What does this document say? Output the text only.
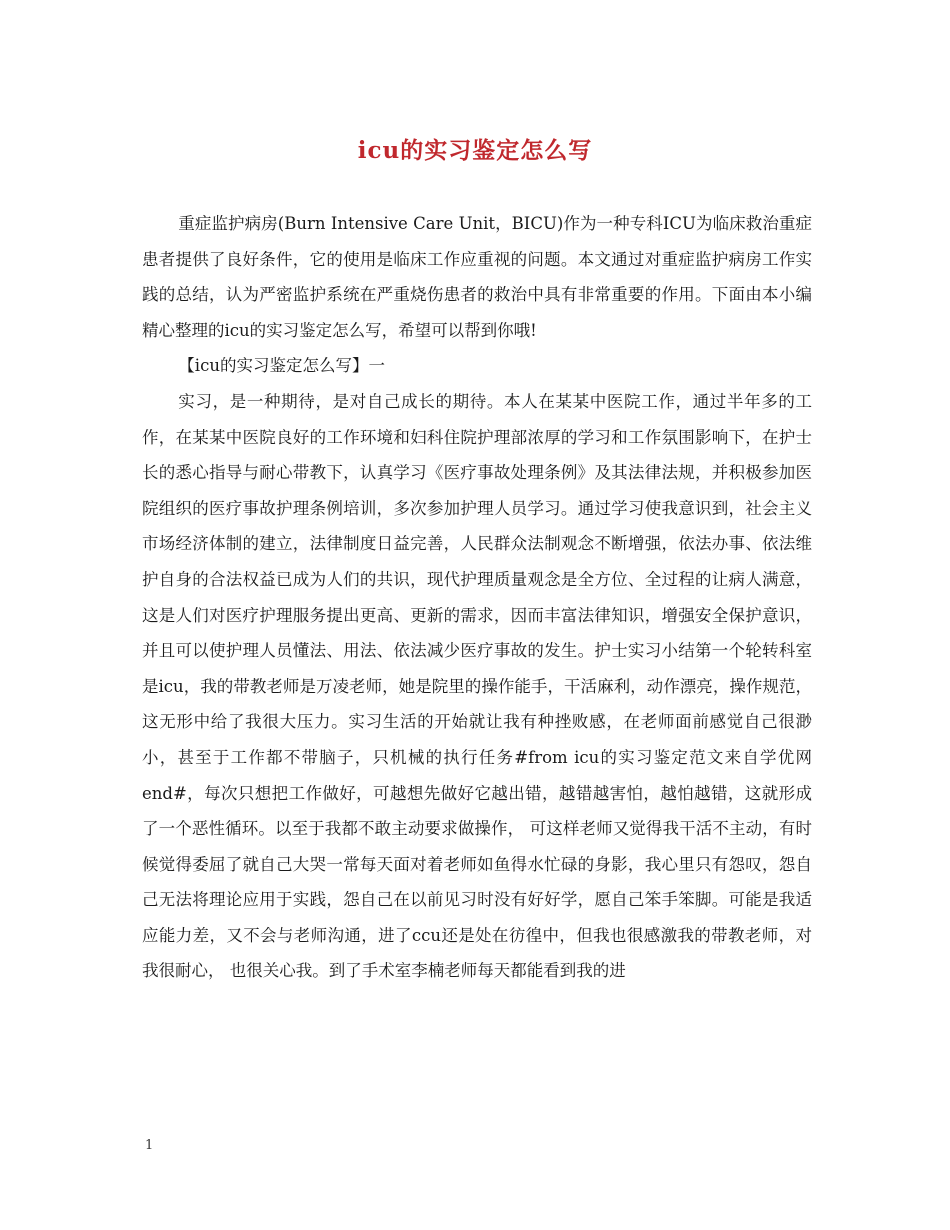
icu的实习鉴定怎么写

重症监护病房(Burn Intensive Care Unit，BICU)作为一种专科ICU为临床救治重症患者提供了良好条件，它的使用是临床工作应重视的问题。本文通过对重症监护病房工作实践的总结，认为严密监护系统在严重烧伤患者的救治中具有非常重要的作用。下面由本小编精心整理的icu的实习鉴定怎么写，希望可以帮到你哦!

【icu的实习鉴定怎么写】一

实习，是一种期待，是对自己成长的期待。本人在某某中医院工作，通过半年多的工作，在某某中医院良好的工作环境和妇科住院护理部浓厚的学习和工作氛围影响下，在护士长的悉心指导与耐心带教下，认真学习《医疗事故处理条例》及其法律法规，并积极参加医院组织的医疗事故护理条例培训，多次参加护理人员学习。通过学习使我意识到，社会主义市场经济体制的建立，法律制度日益完善，人民群众法制观念不断增强，依法办事、依法维护自身的合法权益已成为人们的共识，现代护理质量观念是全方位、全过程的让病人满意，这是人们对医疗护理服务提出更高、更新的需求，因而丰富法律知识，增强安全保护意识，并且可以使护理人员懂法、用法、依法减少医疗事故的发生。护士实习小结第一个轮转科室是icu，我的带教老师是万凌老师，她是院里的操作能手，干活麻利，动作漂亮，操作规范，这无形中给了我很大压力。实习生活的开始就让我有种挫败感，在老师面前感觉自己很渺小，甚至于工作都不带脑子，只机械的执行任务#from icu的实习鉴定范文来自学优网 end#，每次只想把工作做好，可越想先做好它越出错，越错越害怕，越怕越错，这就形成了一个恶性循环。以至于我都不敢主动要求做操作， 可这样老师又觉得我干活不主动，有时候觉得委屈了就自己大哭一常每天面对着老师如鱼得水忙碌的身影，我心里只有怨叹，怨自己无法将理论应用于实践，怨自己在以前见习时没有好好学，愿自己笨手笨脚。可能是我适应能力差，又不会与老师沟通，进了ccu还是处在彷徨中，但我也很感激我的带教老师，对我很耐心， 也很关心我。到了手术室李楠老师每天都能看到我的进

1
